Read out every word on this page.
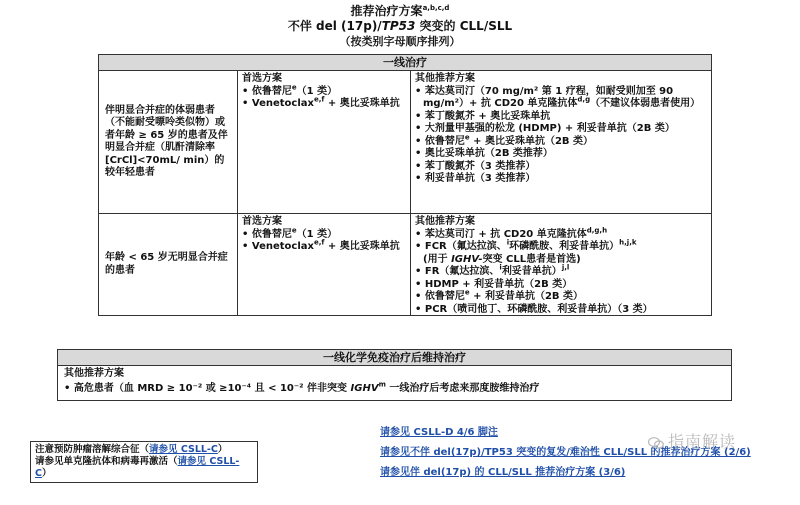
推荐治疗方案$^{a,b,c,d}$
不伴 del (17p)/TP53 突变的 CLL/SLL
（按类别字母顺序排列）
一线治疗
伴明显合并症的体弱患者（不能耐受嘌呤类似物）或者年龄 ≥ 65 岁的患者及伴明显合并症（肌酐清除率 [CrCl]<70mL/ min）的较年轻患者
首选方案
• 依鲁替尼$^e$（1 类）
• Venetoclax$^{e,f}$ + 奥比妥珠单抗
其他推荐方案
• 苯达莫司汀（70 mg/m² 第 1 疗程，如耐受则加至 90 mg/m²）+ 抗 CD20 单克隆抗体$^{d,g}$（不建议体弱患者使用）
• 苯丁酸氮芥 + 奥比妥珠单抗
• 大剂量甲基强的松龙 (HDMP) + 利妥昔单抗（2B 类）
• 依鲁替尼$^e$ + 奥比妥珠单抗（2B 类）
• 奥比妥珠单抗（2B 类推荐）
• 苯丁酸氮芥（3 类推荐）
• 利妥昔单抗（3 类推荐）
年龄 < 65 岁无明显合并症的患者
首选方案
• 依鲁替尼$^e$（1 类）
• Venetoclax$^{e,f}$ + 奥比妥珠单抗
其他推荐方案
• 苯达莫司汀 + 抗 CD20 单克隆抗体$^{d,g,h}$
• FCR（氟达拉滨、$^i$环磷酰胺、利妥昔单抗）$^{h,j,k}$
(用于 IGHV-突变 CLL患者是首选)
• FR（氟达拉滨、$^i$利妥昔单抗）$^{j,l}$
• HDMP + 利妥昔单抗（2B 类）
• 依鲁替尼$^e$ + 利妥昔单抗（2B 类）
• PCR（喷司他丁、环磷酰胺、利妥昔单抗）（3 类）
一线化学免疫治疗后维持治疗
其他推荐方案
• 高危患者（血 MRD ≥ 10⁻² 或 ≥10⁻⁴ 且 < 10⁻² 伴非突变 IGHV$^m$ 一线治疗后考虑来那度胺维持治疗
注意预防肿瘤溶解综合征（请参见 CSLL-C）
请参见单克隆抗体和病毒再激活（请参见 CSLL-C）
请参见 CSLL-D 4/6 脚注
请参见不伴 del(17p)/TP53 突变的复发/难治性 CLL/SLL 的推荐治疗方案 (2/6)
请参见伴 del(17p) 的 CLL/SLL 推荐治疗方案 (3/6)
指南解读
